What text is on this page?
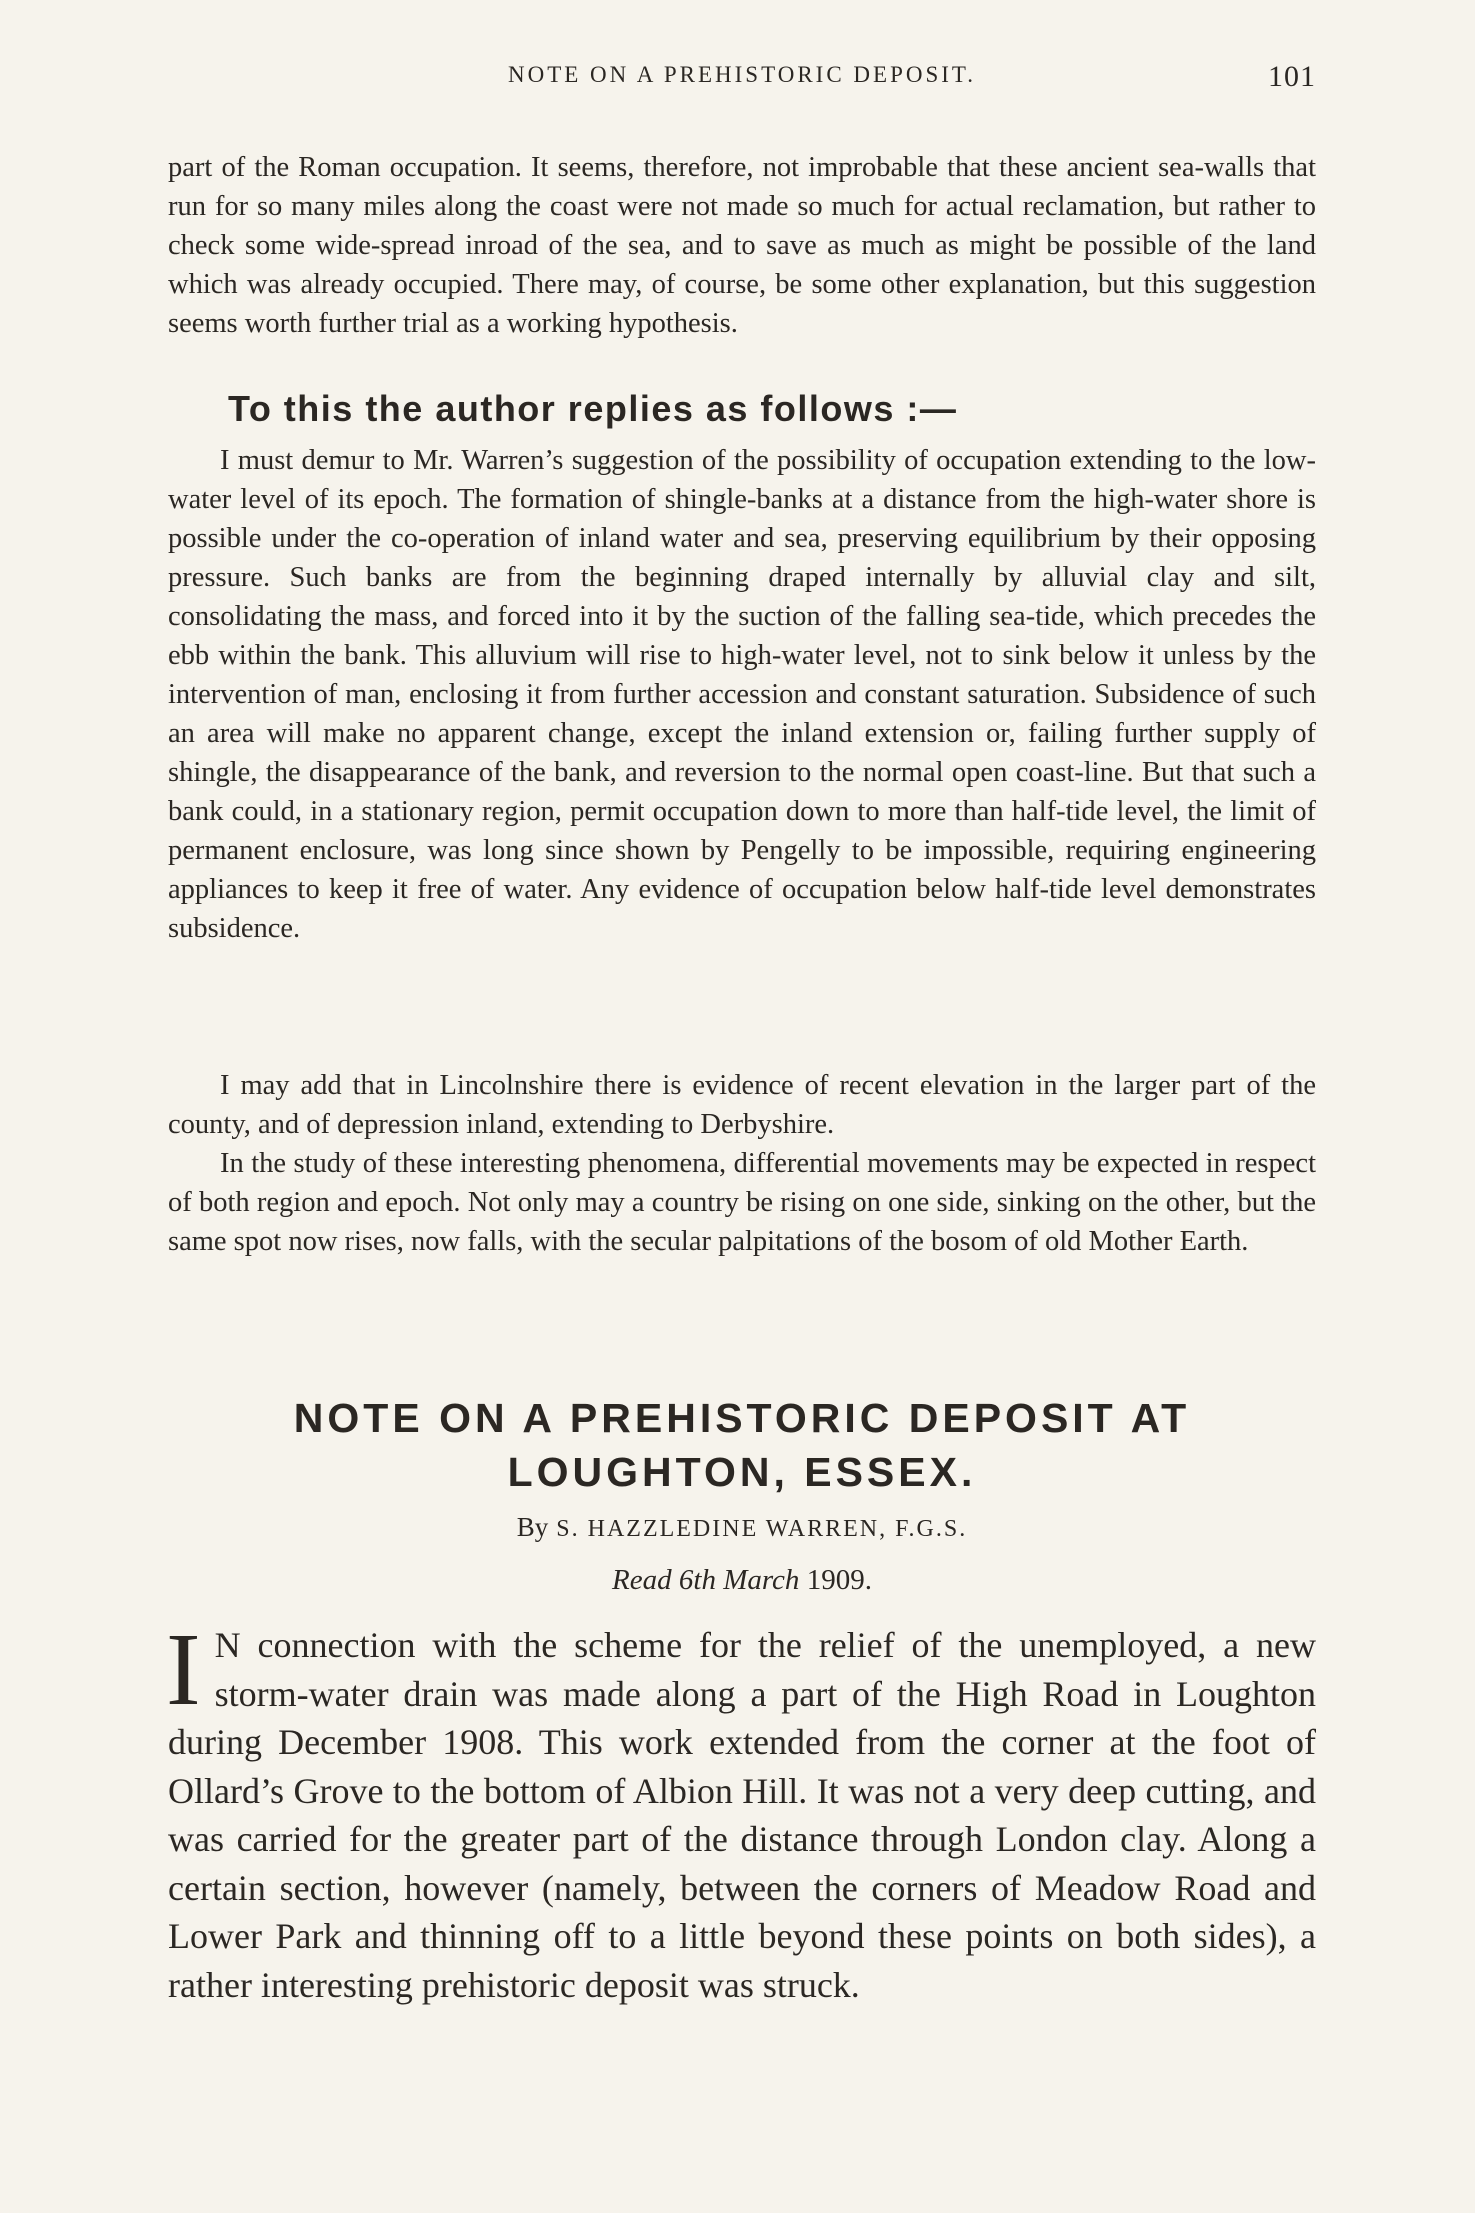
NOTE ON A PREHISTORIC DEPOSIT.	101

part of the Roman occupation. It seems, therefore, not improbable that these ancient sea-walls that run for so many miles along the coast were not made so much for actual reclamation, but rather to check some wide-spread inroad of the sea, and to save as much as might be possible of the land which was already occupied. There may, of course, be some other explanation, but this suggestion seems worth further trial as a working hypothesis.

To this the author replies as follows :—

I must demur to Mr. Warren’s suggestion of the possibility of occupation extending to the low-water level of its epoch. The formation of shingle-banks at a distance from the high-water shore is possible under the co-operation of inland water and sea, preserving equilibrium by their opposing pressure. Such banks are from the beginning draped internally by alluvial clay and silt, consolidating the mass, and forced into it by the suction of the falling sea-tide, which precedes the ebb within the bank. This alluvium will rise to high-water level, not to sink below it unless by the intervention of man, enclosing it from further accession and constant saturation. Subsidence of such an area will make no apparent change, except the inland extension or, failing further supply of shingle, the disappearance of the bank, and reversion to the normal open coast-line. But that such a bank could, in a stationary region, permit occupation down to more than half-tide level, the limit of permanent enclosure, was long since shown by Pengelly to be impossible, requiring engineering appliances to keep it free of water. Any evidence of occupation below half-tide level demonstrates subsidence.

I may add that in Lincolnshire there is evidence of recent elevation in the larger part of the county, and of depression inland, extending to Derbyshire.

In the study of these interesting phenomena, differential movements may be expected in respect of both region and epoch. Not only may a country be rising on one side, sinking on the other, but the same spot now rises, now falls, with the secular palpitations of the bosom of old Mother Earth.

NOTE ON A PREHISTORIC DEPOSIT AT
LOUGHTON, ESSEX.

By S. HAZZLEDINE WARREN, F.G.S.

Read 6th March 1909.

I N connection with the scheme for the relief of the unemployed, a new storm-water drain was made along a part of the High Road in Loughton during December 1908. This work extended from the corner at the foot of Ollard’s Grove to the bottom of Albion Hill. It was not a very deep cutting, and was carried for the greater part of the distance through London clay. Along a certain section, however (namely, between the corners of Meadow Road and Lower Park and thinning off to a little beyond these points on both sides), a rather interesting prehistoric deposit was struck.
